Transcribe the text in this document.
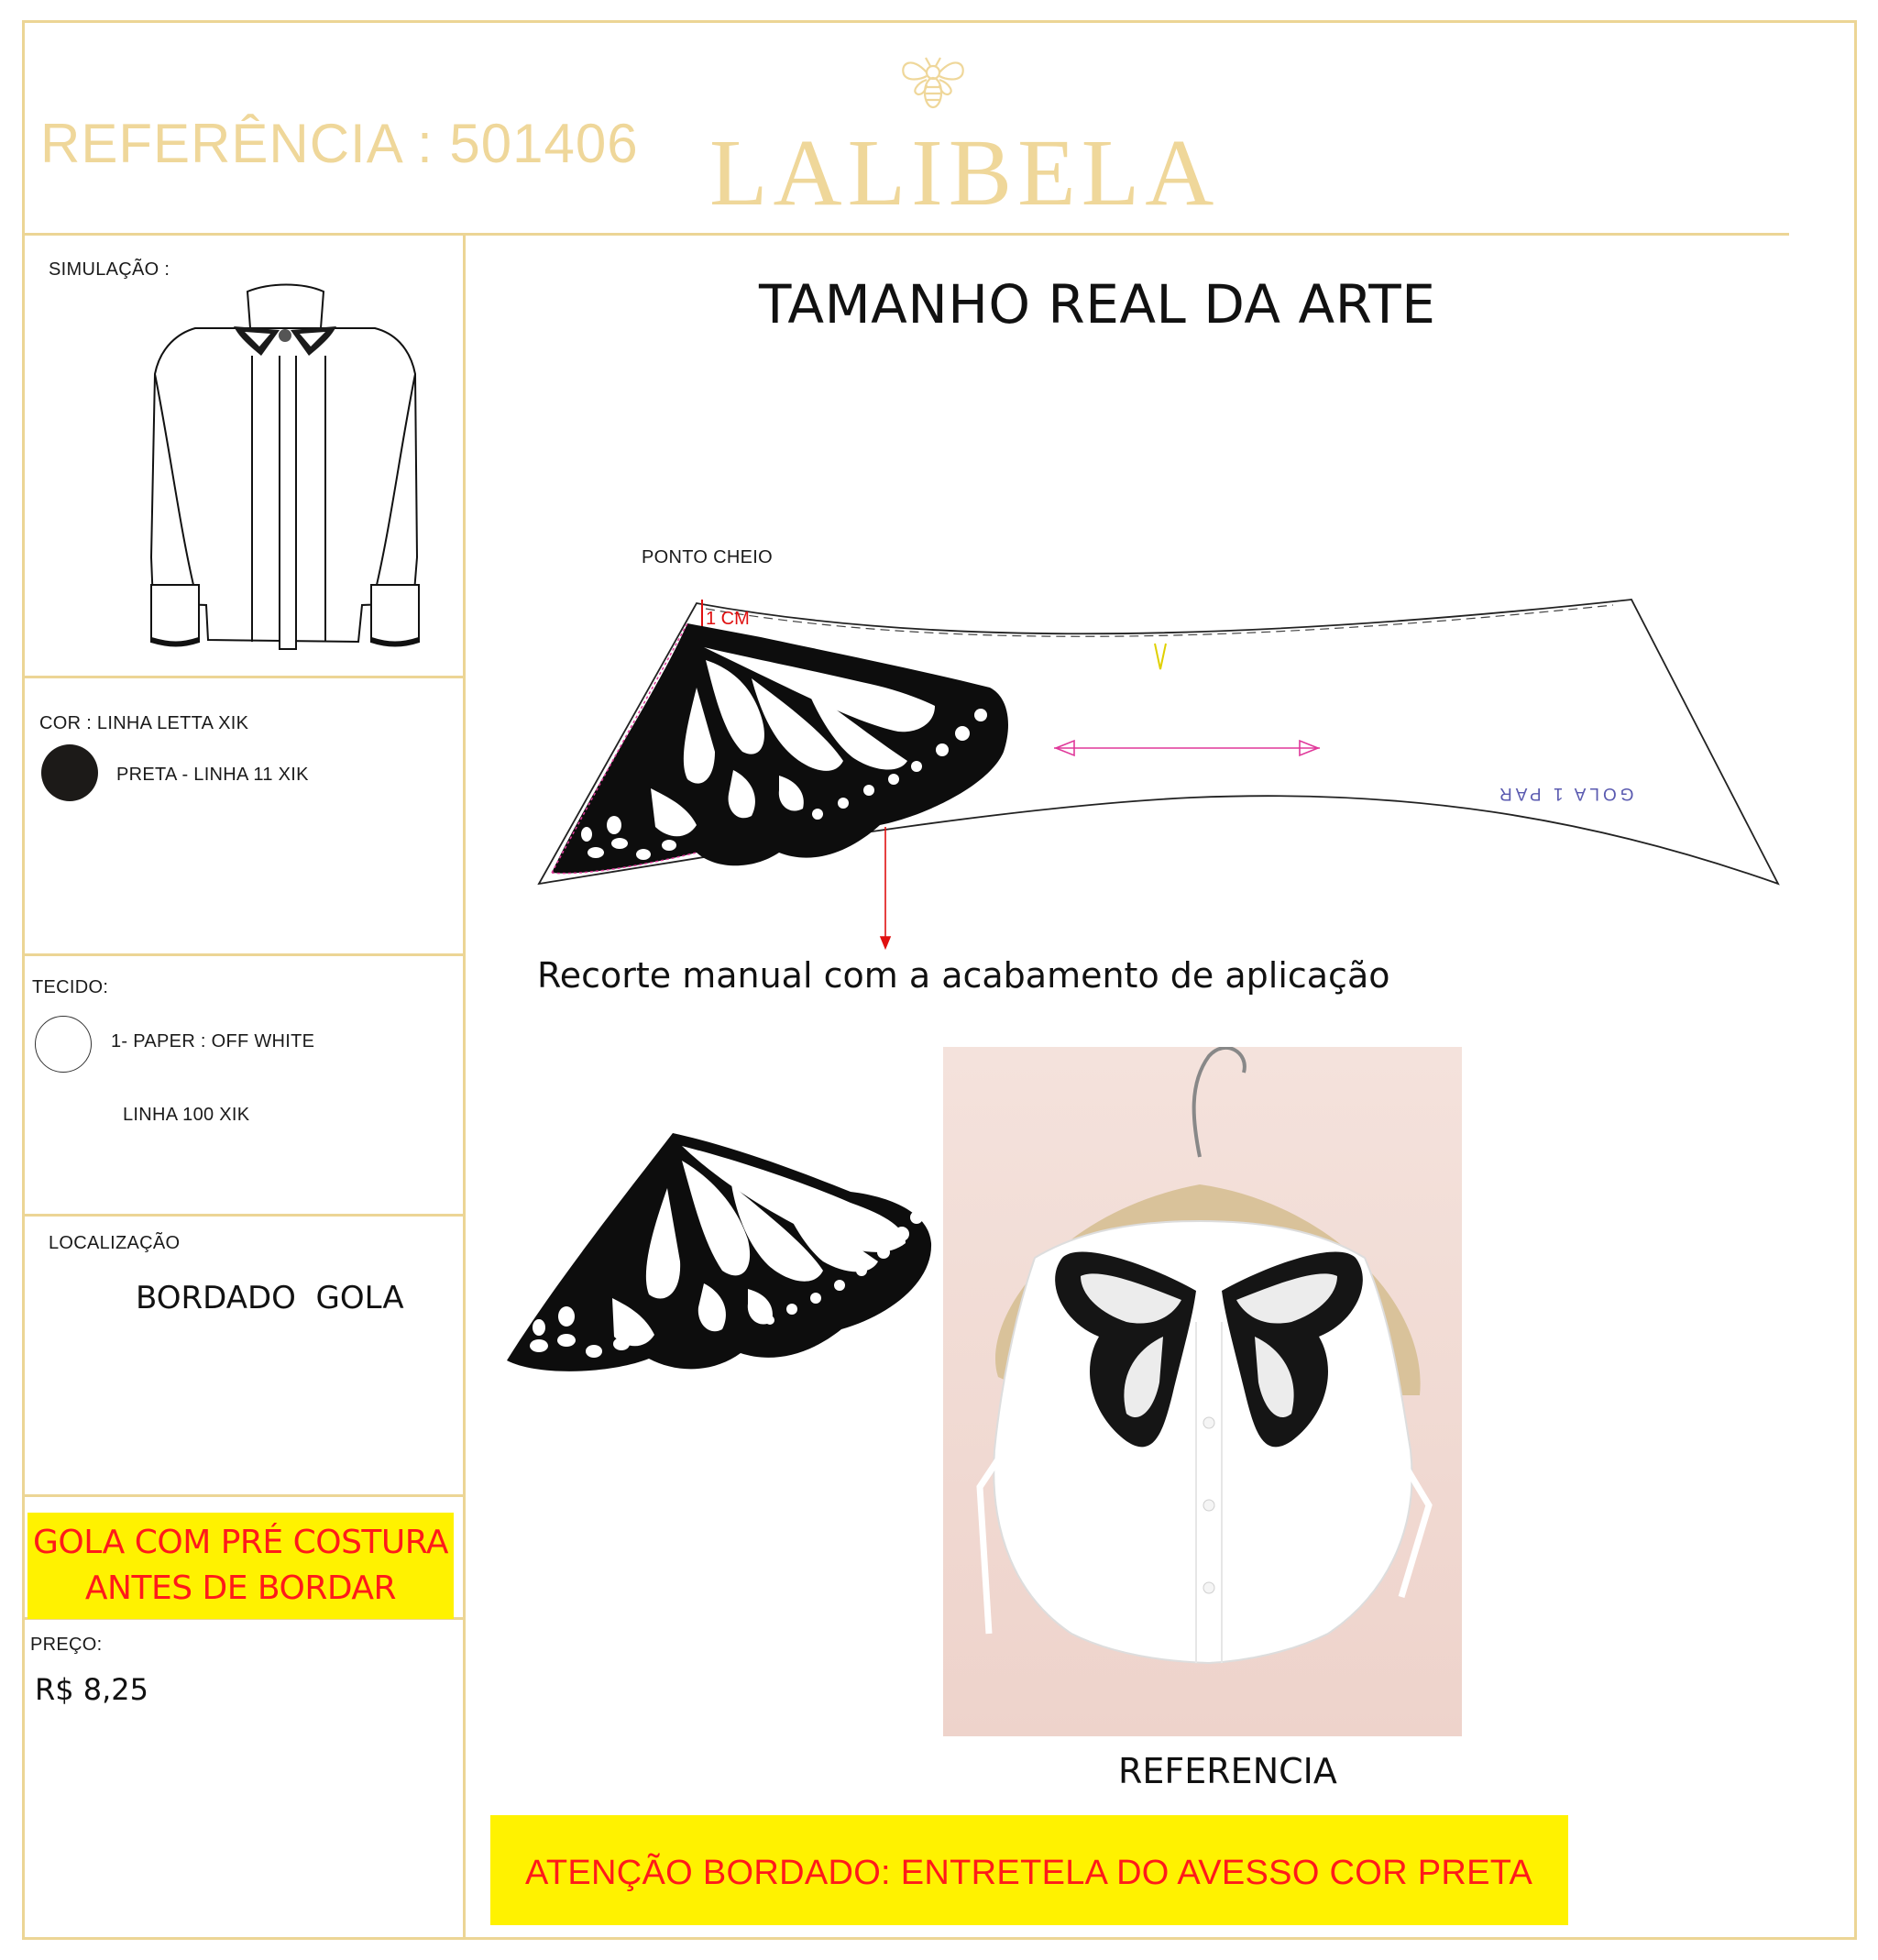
REFERÊNCIA : 501406 LALIBELA
SIMULAÇÃO :
COR : LINHA LETTA XIK
PRETA - LINHA 11 XIK
TECIDO:
1- PAPER : OFF WHITE
LINHA 100 XIK
LOCALIZAÇÃO
BORDADO  GOLA
GOLA COM PRÉ COSTURA
ANTES DE BORDAR
PREÇO:
R$ 8,25
TAMANHO REAL DA ARTE
PONTO CHEIO
1 CM
GOLA 1 PAR
Recorte manual com a acabamento de aplicação
REFERENCIA
ATENÇÃO BORDADO: ENTRETELA DO AVESSO COR PRETA
